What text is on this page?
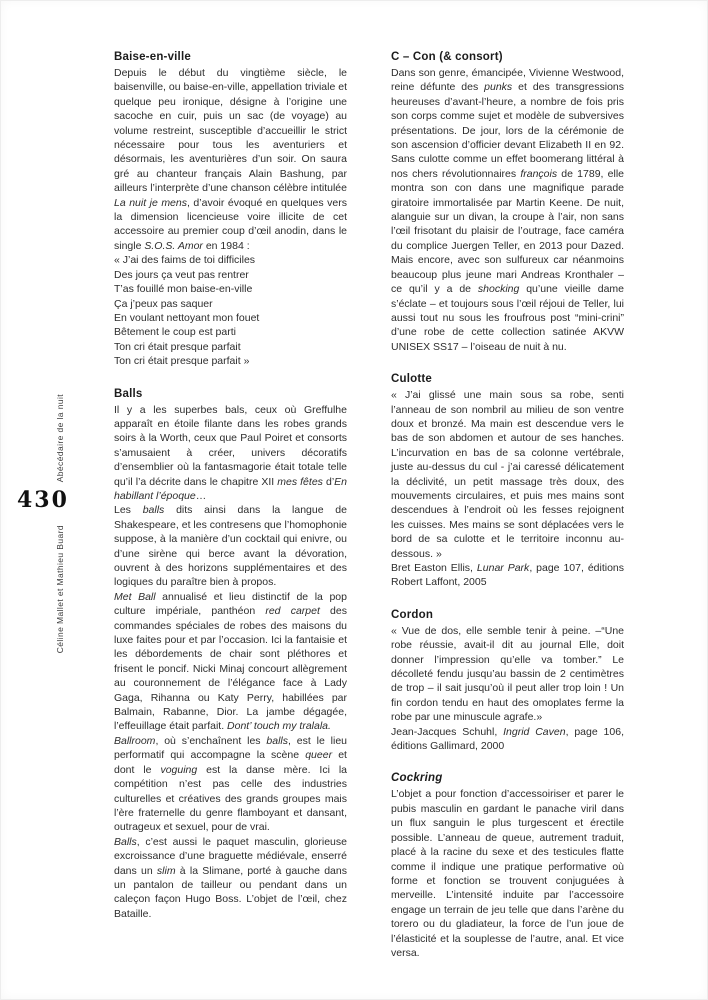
Abécédaire de la nuit
430
Céline Mallet et Mathieu Buard
Baise-en-ville

Depuis le début du vingtième siècle, le baisenville, ou baise-en-ville, appellation triviale et quelque peu ironique, désigne à l’origine une sacoche en cuir, puis un sac (de voyage) au volume restreint, susceptible d’accueillir le strict nécessaire pour tous les aventuriers et désormais, les aventurières d’un soir. On saura gré au chanteur français Alain Bashung, par ailleurs l’interprète d’une chanson célèbre intitulée La nuit je mens, d’avoir évoqué en quelques vers la dimension licencieuse voire illicite de cet accessoire au premier coup d’œil anodin, dans le single S.O.S. Amor en 1984 :

« J’ai des faims de toi difficiles
Des jours ça veut pas rentrer
T’as fouillé mon baise-en-ville
Ça j’peux pas saquer
En voulant nettoyant mon fouet
Bêtement le coup est parti
Ton cri était presque parfait
Ton cri était presque parfait »
Balls

Il y a les superbes bals, ceux où Greffulhe apparaît en étoile filante dans les robes grands soirs à la Worth, ceux que Paul Poiret et consorts s’amusaient à créer, univers décoratifs d’ensemblier où la fantasmagorie était totale telle qu’il l’a décrite dans le chapitre XII mes fêtes d’En habillant l’époque…

Les balls dits ainsi dans la langue de Shakespeare, et les contresens que l’homophonie suppose, à la manière d’un cocktail qui enivre, ou d’une sirène qui berce avant la dévoration, ouvrent à des horizons supplémentaires et des logiques du paraître bien à propos.

Met Ball annualisé et lieu distinctif de la pop culture impériale, panthéon red carpet des commandes spéciales de robes des maisons du luxe faites pour et par l’occasion. Ici la fantaisie et les débordements de chair sont pléthores et frisent le poncif. Nicki Minaj concourt allègrement au couronnement de l’élégance face à Lady Gaga, Rihanna ou Katy Perry, habillées par Balmain, Rabanne, Dior. La jambe dégagée, l’effeuillage était parfait. Dont’ touch my tralala.

Ballroom, où s’enchaînent les balls, est le lieu performatif qui accompagne la scène queer et dont le voguing est la danse mère. Ici la compétition n’est pas celle des industries culturelles et créatives des grands groupes mais l’ère fraternelle du genre flamboyant et dansant, outrageux et sexuel, pour de vrai.

Balls, c’est aussi le paquet masculin, glorieuse excroissance d’une braguette médiévale, enserré dans un slim à la Slimane, porté à gauche dans un pantalon de tailleur ou pendant dans un caleçon façon Hugo Boss. L’objet de l’œil, chez Bataille.

C – Con (& consort)

Dans son genre, émancipée, Vivienne Westwood, reine défunte des punks et des transgressions heureuses d’avant-l’heure, a nombre de fois pris son corps comme sujet et modèle de subversives présentations. De jour, lors de la cérémonie de son ascension d’officier devant Elizabeth II en 92. Sans culotte comme un effet boomerang littéral à nos chers révolutionnaires françois de 1789, elle montra son con dans une magnifique parade giratoire immortalisée par Martin Keene. De nuit, alanguie sur un divan, la croupe à l’air, non sans l’œil frisotant du plaisir de l’outrage, face caméra du complice Juergen Teller, en 2013 pour Dazed. Mais encore, avec son sulfureux car néanmoins beaucoup plus jeune mari Andreas Kronthaler – ce qu’il y a de shocking qu’une vieille dame s’éclate – et toujours sous l’œil réjoui de Teller, lui aussi tout nu sous les froufrous post “mini-crini” d’une robe de cette collection satinée AKVW UNISEX SS17 – l’oiseau de nuit à nu.

Culotte

« J’ai glissé une main sous sa robe, senti l’anneau de son nombril au milieu de son ventre doux et bronzé. Ma main est descendue vers le bas de son abdomen et autour de ses hanches. L’incurvation en bas de sa colonne vertébrale, juste au-dessus du cul - j’ai caressé délicatement la déclivité, un petit massage très doux, des mouvements circulaires, et puis mes mains sont descendues à l’endroit où les fesses rejoignent les cuisses. Mes mains se sont déplacées vers le bord de sa culotte et le territoire inconnu au-dessous. »

Bret Easton Ellis, Lunar Park, page 107, éditions Robert Laffont, 2005

Cordon

« Vue de dos, elle semble tenir à peine. –“Une robe réussie, avait-il dit au journal Elle, doit donner l’impression qu’elle va tomber.” Le décolleté fendu jusqu’au bassin de 2 centimètres de trop – il sait jusqu’où il peut aller trop loin ! Un fin cordon tendu en haut des omoplates ferme la robe par une minuscule agrafe.»

Jean-Jacques Schuhl, Ingrid Caven, page 106, éditions Gallimard, 2000

Cockring

L’objet a pour fonction d’accessoiriser et parer le pubis masculin en gardant le panache viril dans un flux sanguin le plus turgescent et érectile possible. L’anneau de queue, autrement traduit, placé à la racine du sexe et des testicules flatte comme il indique une pratique performative où forme et fonction se trouvent conjuguées à merveille. L’intensité induite par l’accessoire engage un terrain de jeu telle que dans l’arène du torero ou du gladiateur, la force de l’un joue de l’élasticité et la souplesse de l’autre, anal. Et vice versa.
